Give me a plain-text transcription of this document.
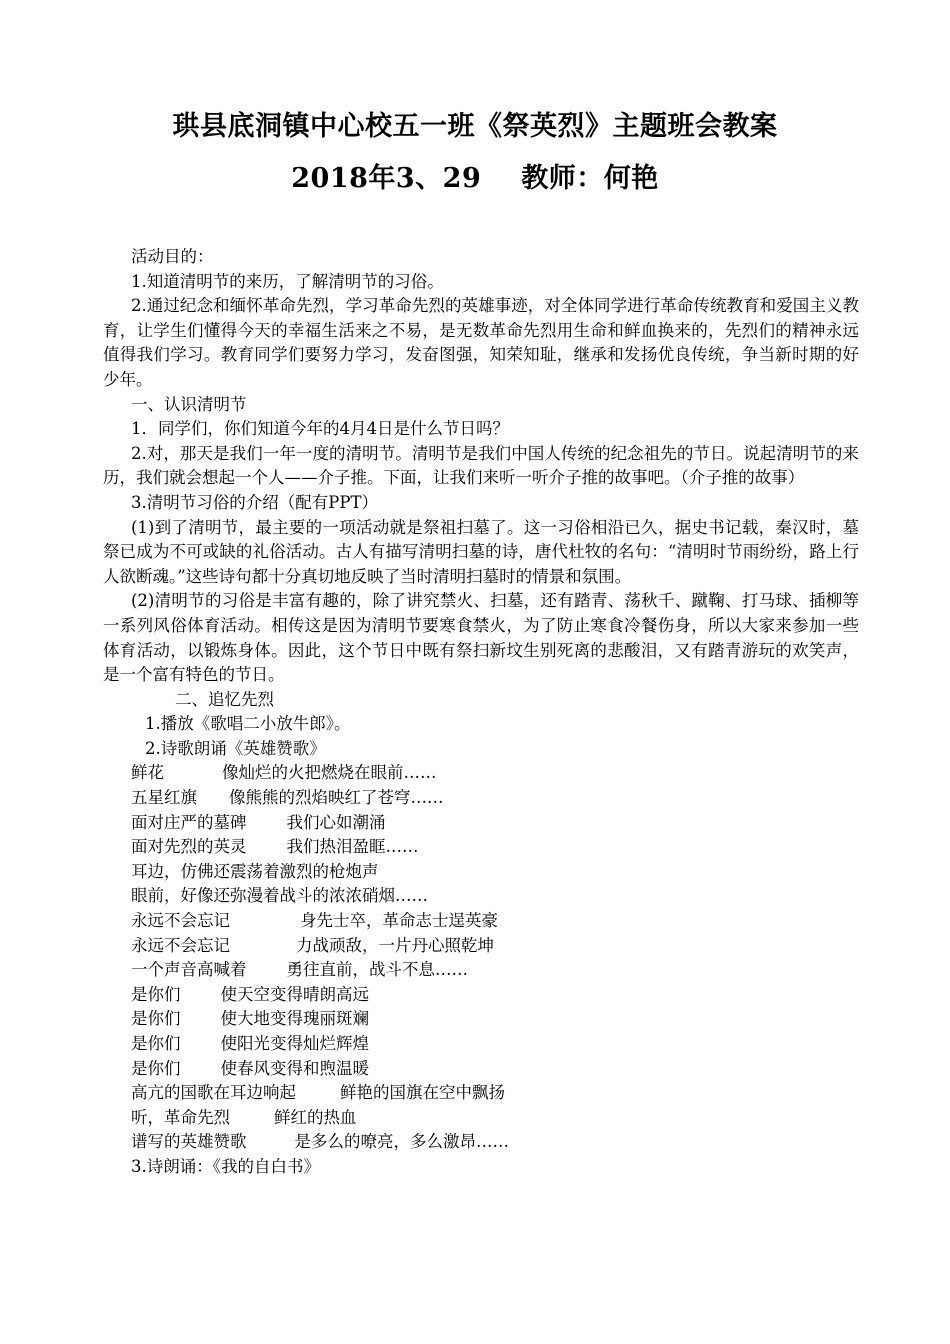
珙县底洞镇中心校五一班《祭英烈》主题班会教案
2018年3、29 教师：何艳

活动目的：

1.知道清明节的来历，了解清明节的习俗。

2.通过纪念和缅怀革命先烈，学习革命先烈的英雄事迹，对全体同学进行革命传统教育和爱国主义教育，让学生们懂得今天的幸福生活来之不易，是无数革命先烈用生命和鲜血换来的，先烈们的精神永远值得我们学习。教育同学们要努力学习，发奋图强，知荣知耻，继承和发扬优良传统，争当新时期的好少年。

一、认识清明节

1．同学们，你们知道今年的4月4日是什么节日吗？

2.对，那天是我们一年一度的清明节。清明节是我们中国人传统的纪念祖先的节日。说起清明节的来历，我们就会想起一个人——介子推。下面，让我们来听一听介子推的故事吧。（介子推的故事）

3.清明节习俗的介绍（配有PPT）

(1)到了清明节，最主要的一项活动就是祭祖扫墓了。这一习俗相沿已久，据史书记载，秦汉时，墓祭已成为不可或缺的礼俗活动。古人有描写清明扫墓的诗，唐代杜牧的名句：“清明时节雨纷纷，路上行人欲断魂。”这些诗句都十分真切地反映了当时清明扫墓时的情景和氛围。

(2)清明节的习俗是丰富有趣的，除了讲究禁火、扫墓，还有踏青、荡秋千、蹴鞠、打马球、插柳等一系列风俗体育活动。相传这是因为清明节要寒食禁火，为了防止寒食冷餐伤身，所以大家来参加一些体育活动，以锻炼身体。因此，这个节日中既有祭扫新坟生别死离的悲酸泪，又有踏青游玩的欢笑声，是一个富有特色的节日。

二、追忆先烈

1.播放《歌唱二小放牛郎》。

2.诗歌朗诵《英雄赞歌》

鲜花	像灿烂的火把燃烧在眼前……
五星红旗 像熊熊的烈焰映红了苍穹……
面对庄严的墓碑 我们心如潮涌
面对先烈的英灵 我们热泪盈眶……
耳边，仿佛还震荡着激烈的枪炮声
眼前，好像还弥漫着战斗的浓浓硝烟……
永远不会忘记	身先士卒，革命志士逞英豪
永远不会忘记	力战顽敌，一片丹心照乾坤
一个声音高喊着 勇往直前，战斗不息……
是你们 使天空变得晴朗高远
是你们 使大地变得瑰丽斑斓
是你们 使阳光变得灿烂辉煌
是你们 使春风变得和煦温暖
高亢的国歌在耳边响起	鲜艳的国旗在空中飘扬
听，革命先烈	鲜红的热血
谱写的英雄赞歌	是多么的嘹亮，多么激昂……

3.诗朗诵：《我的自白书》
